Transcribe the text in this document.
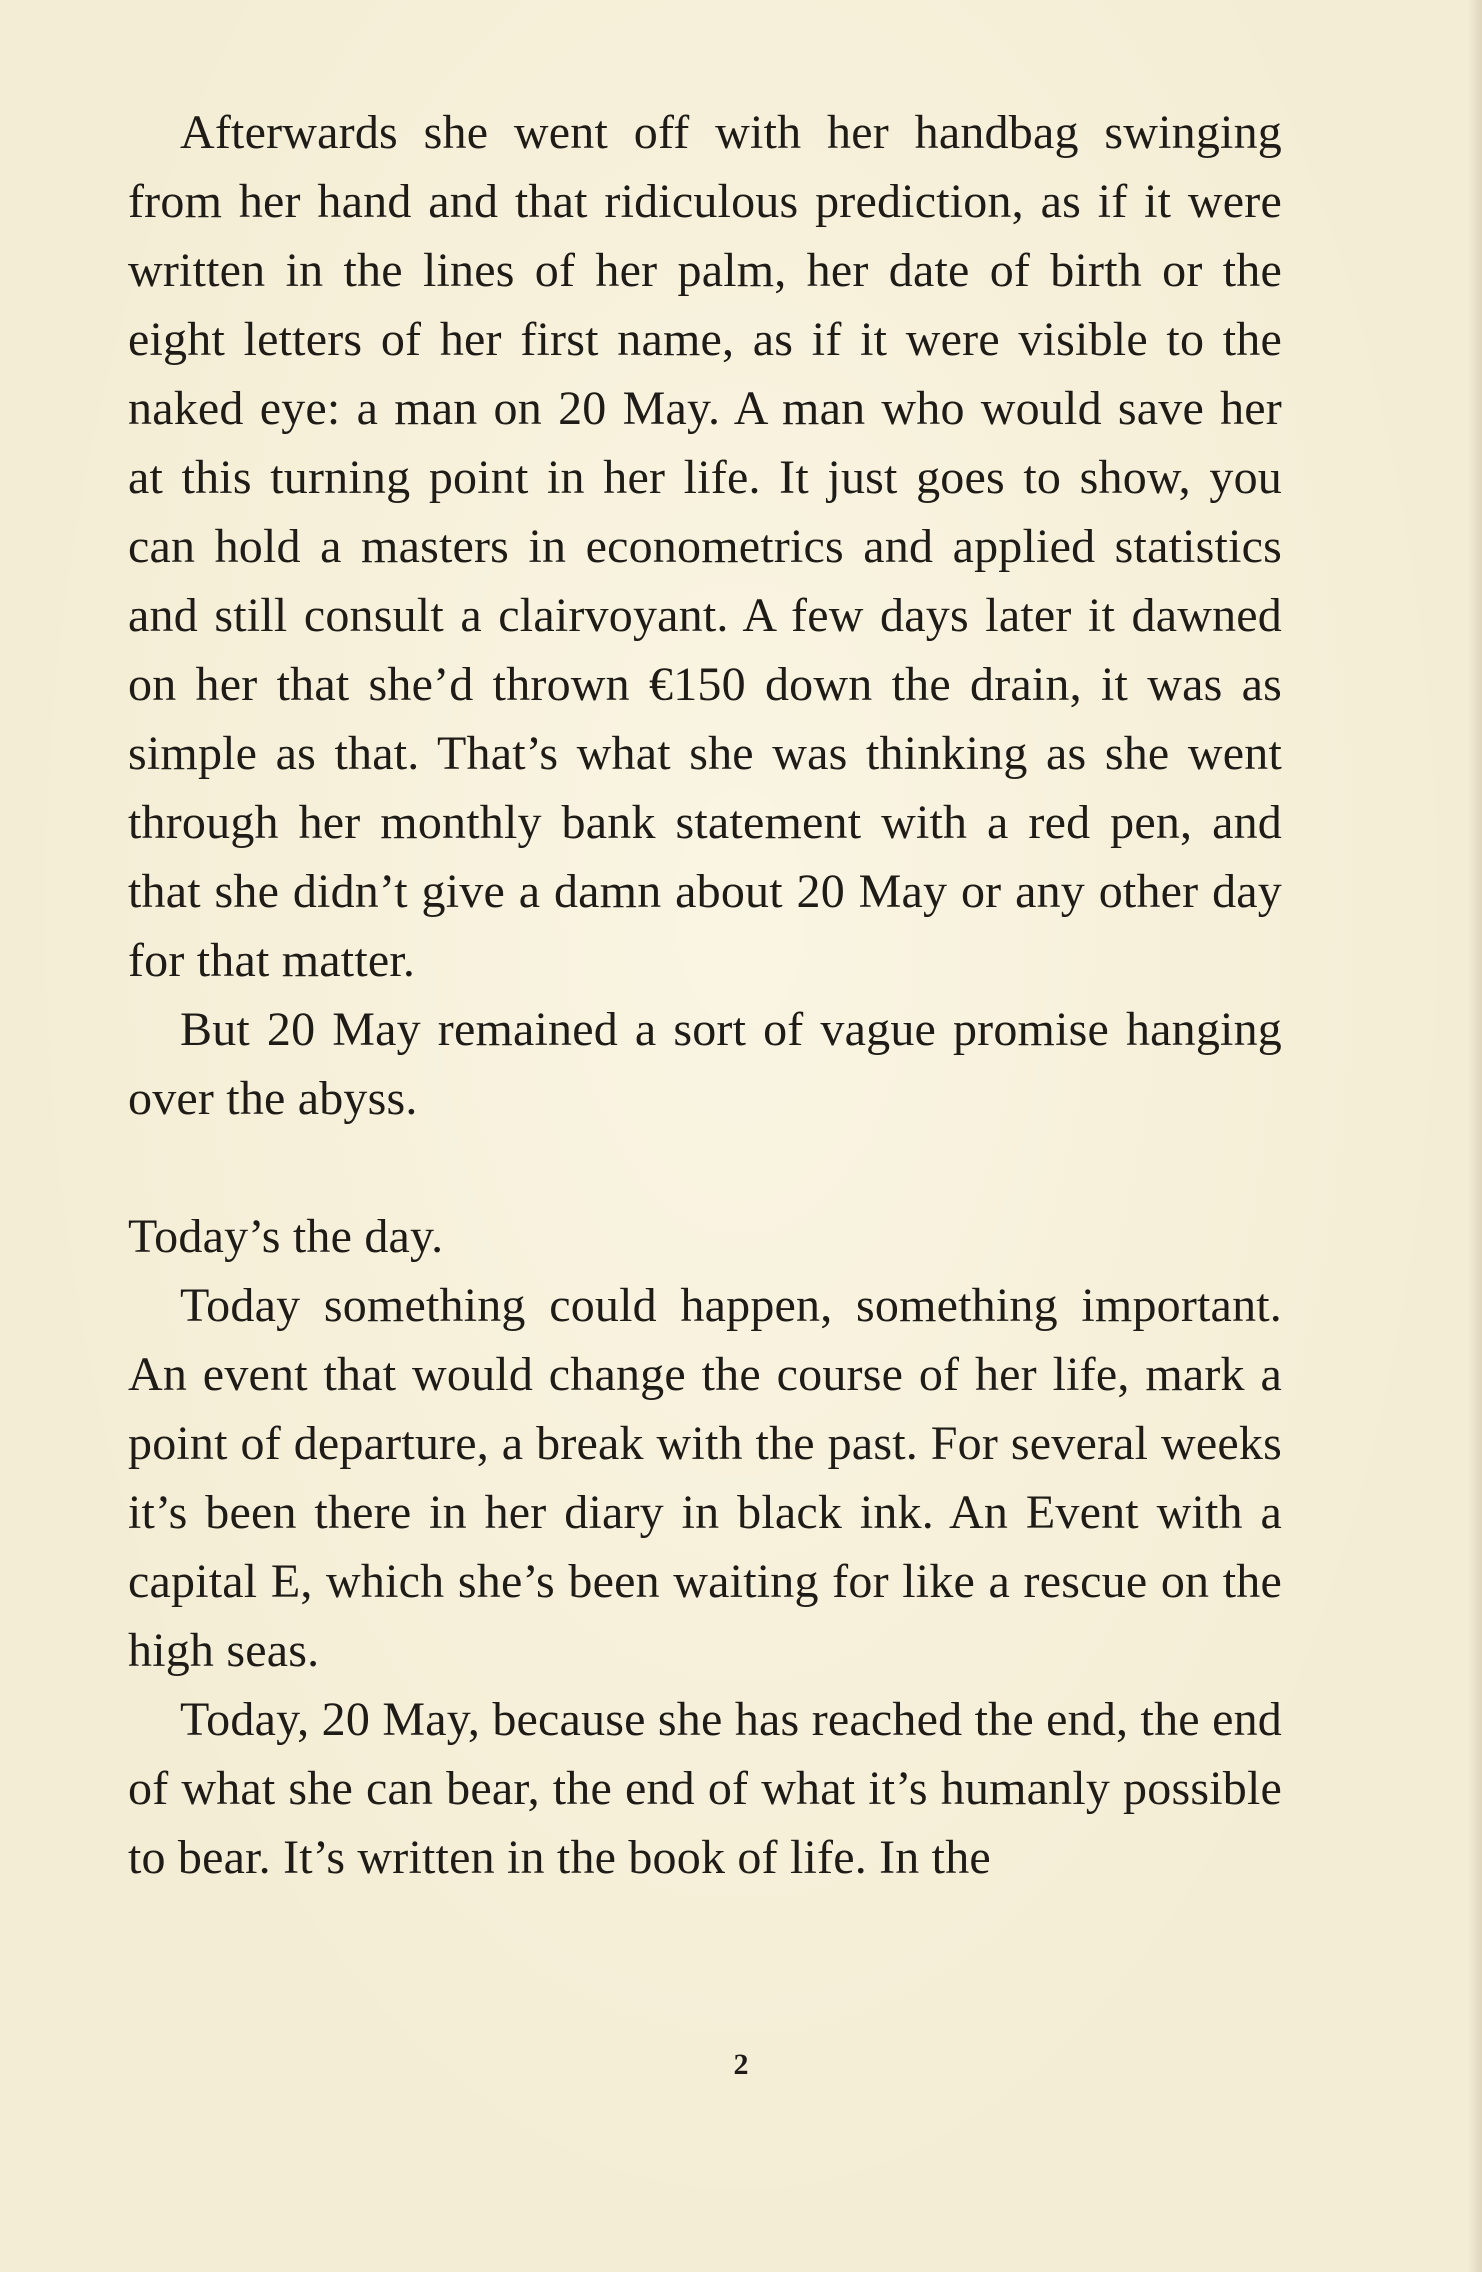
Afterwards she went off with her handbag swinging from her hand and that ridiculous prediction, as if it were written in the lines of her palm, her date of birth or the eight letters of her first name, as if it were visible to the naked eye: a man on 20 May. A man who would save her at this turning point in her life. It just goes to show, you can hold a masters in econometrics and applied statistics and still consult a clairvoyant. A few days later it dawned on her that she’d thrown €150 down the drain, it was as simple as that. That’s what she was thinking as she went through her monthly bank statement with a red pen, and that she didn’t give a damn about 20 May or any other day for that matter.

But 20 May remained a sort of vague promise hanging over the abyss.

Today’s the day.

Today something could happen, something important. An event that would change the course of her life, mark a point of departure, a break with the past. For several weeks it’s been there in her diary in black ink. An Event with a capital E, which she’s been waiting for like a rescue on the high seas.

Today, 20 May, because she has reached the end, the end of what she can bear, the end of what it’s humanly possible to bear. It’s written in the book of life. In the

2
